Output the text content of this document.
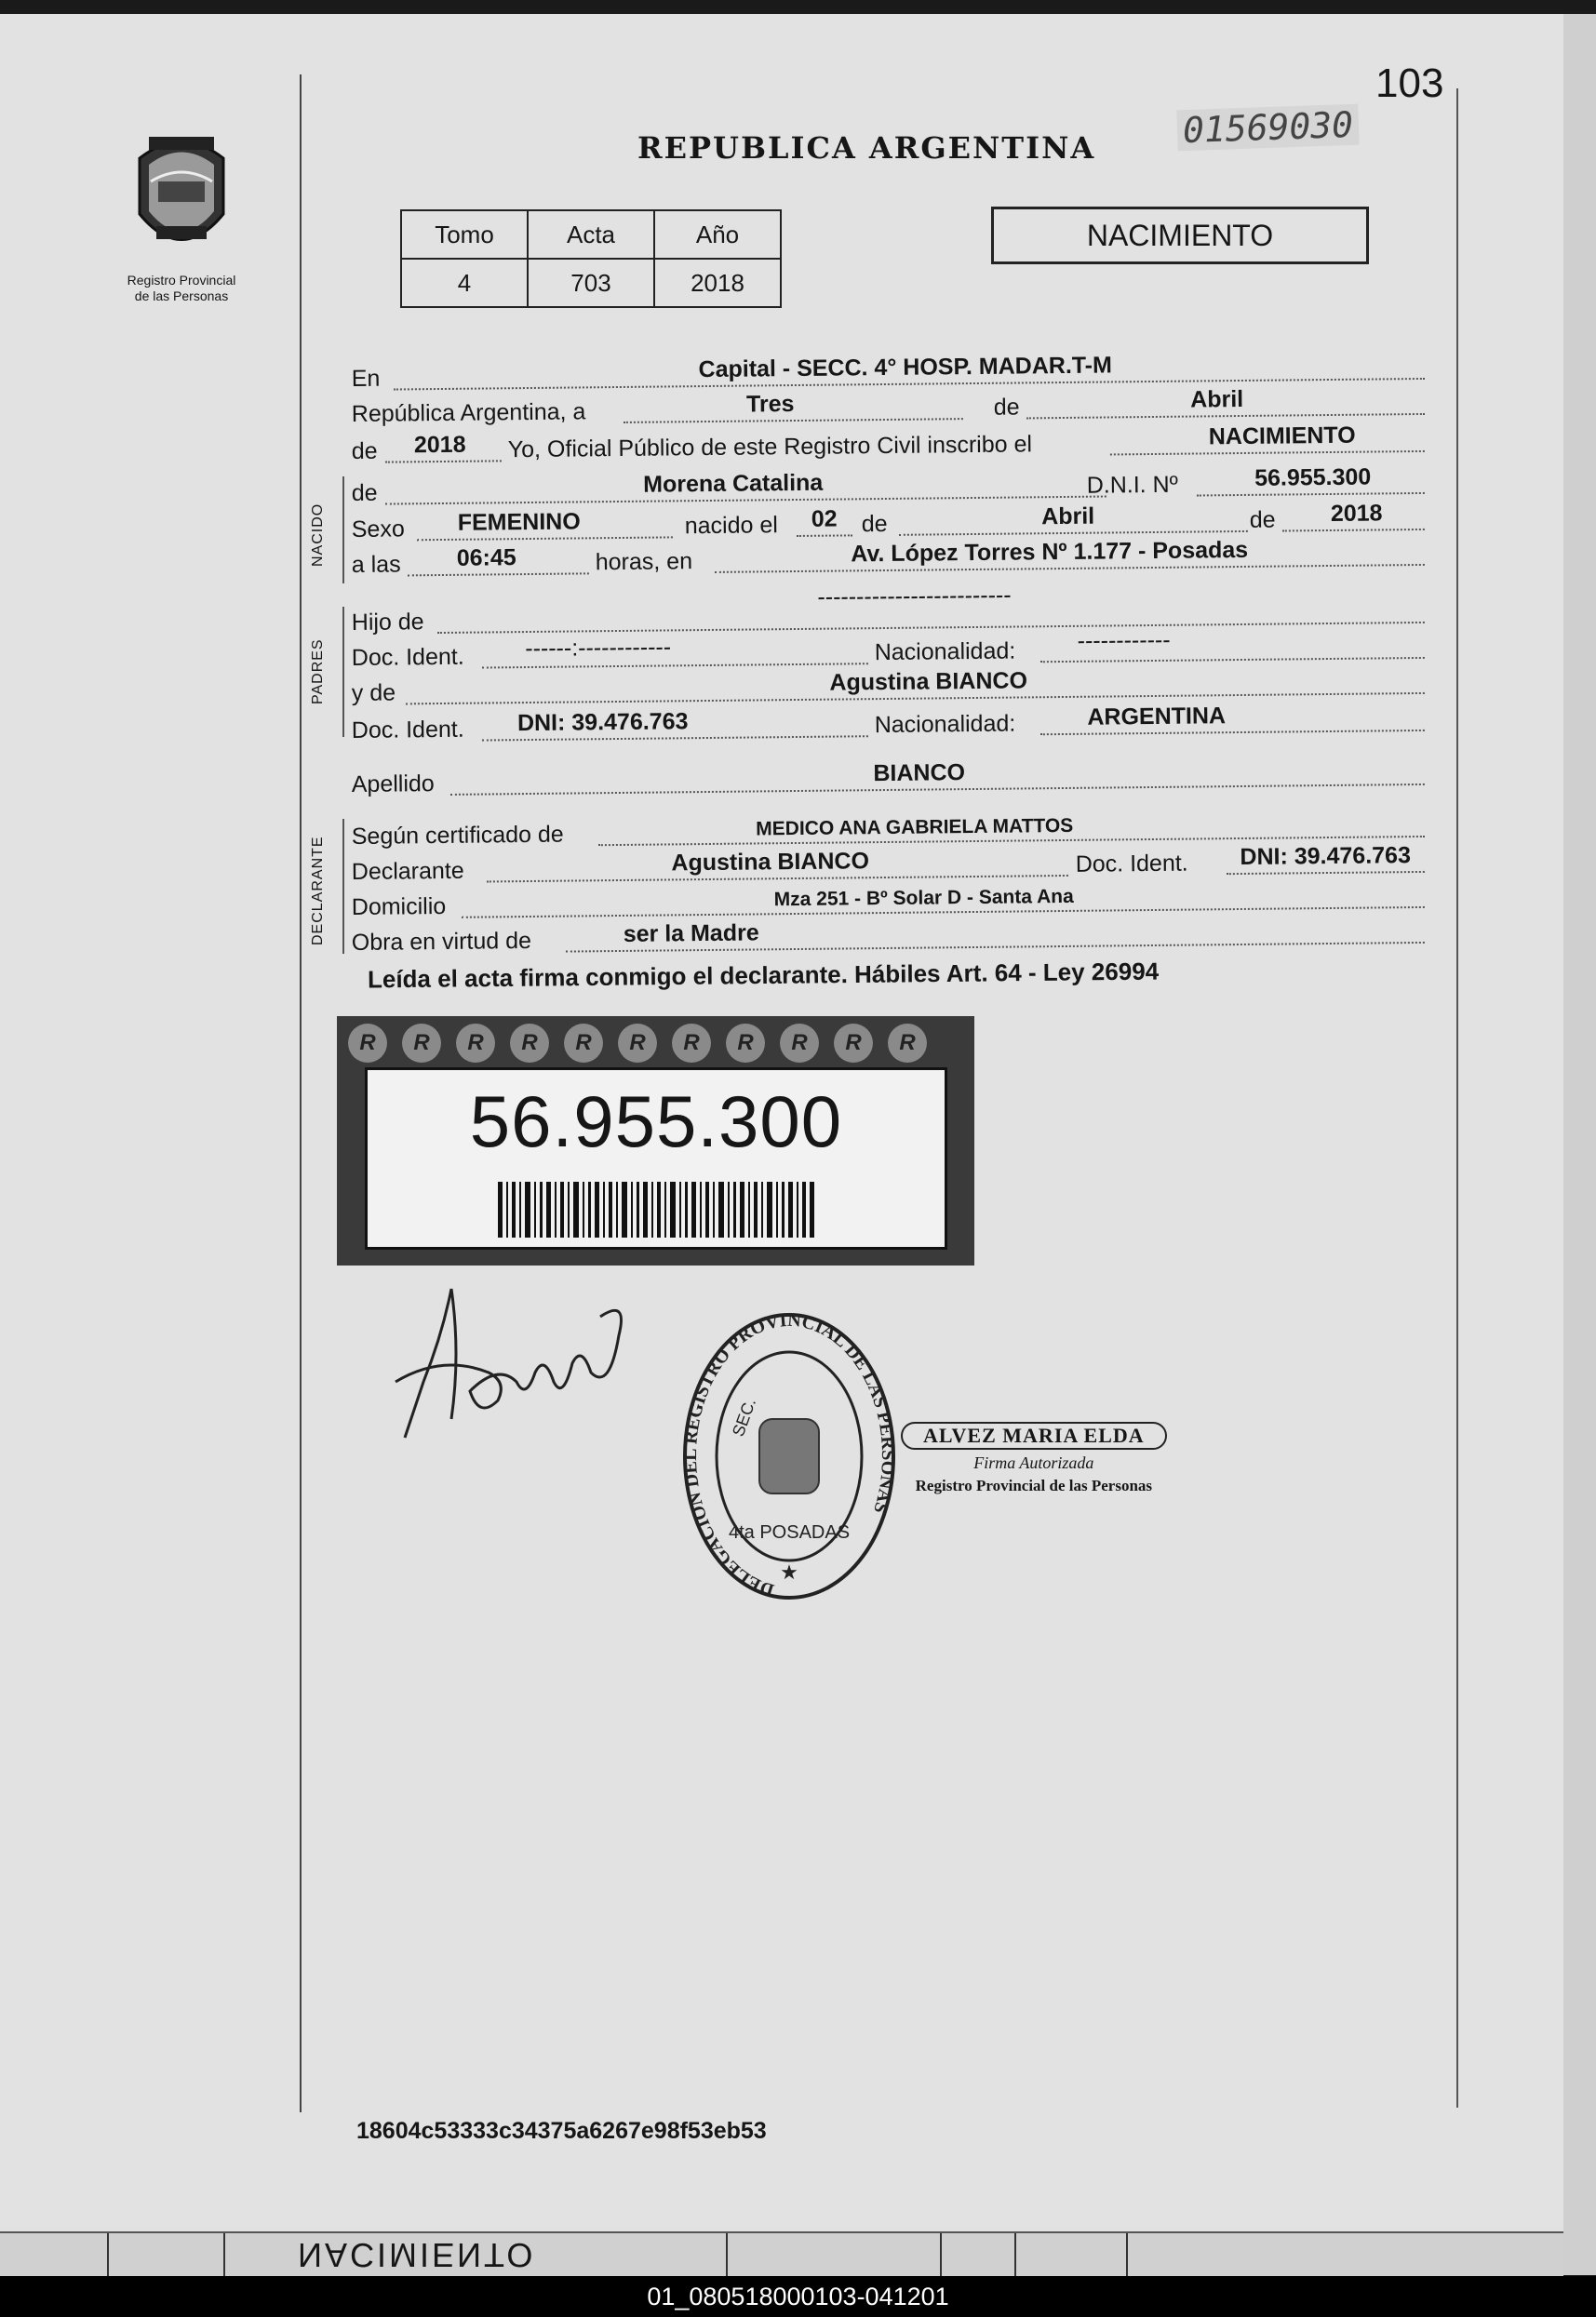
103
01569030
REPUBLICA ARGENTINA
Registro Provincial
de las Personas
Tomo	Acta	Año
4	703	2018
NACIMIENTO
NACIDO
PADRES
DECLARANTE
En	Capital - SECC. 4° HOSP. MADAR.T-M
República Argentina, a	Tres	de	Abril
de	2018	Yo, Oficial Público de este Registro Civil inscribo el	NACIMIENTO
de	Morena Catalina	D.N.I. Nº	56.955.300
Sexo	FEMENINO	nacido el	02	de	Abril	de	2018
a las	06:45	horas, en	Av. López Torres Nº 1.177 - Posadas
Hijo de
-------------------------
Doc. Ident.	------:------------	Nacionalidad:	------------
y de	Agustina BIANCO
Doc. Ident.	DNI: 39.476.763	Nacionalidad:	ARGENTINA
Apellido	BIANCO
Según certificado de	MEDICO ANA GABRIELA MATTOS
Declarante	Agustina BIANCO	Doc. Ident.	DNI: 39.476.763
Domicilio	Mza 251 - Bº Solar D - Santa Ana
Obra en virtud de	ser la Madre
Leída el acta firma conmigo el declarante. Hábiles Art. 64 - Ley 26994
R	R	R	R	R	R	R	R	R	R	R
56.955.300
DELEGACION DEL REGISTRO PROVINCIAL DE LAS PERSONAS
SEC.
4ta POSADAS
★
ALVEZ MARIA ELDA
Firma Autorizada
Registro Provincial de las Personas
18604c53333c34375a6267e98f53eb53
NACIMIENTO
01_080518000103-041201
